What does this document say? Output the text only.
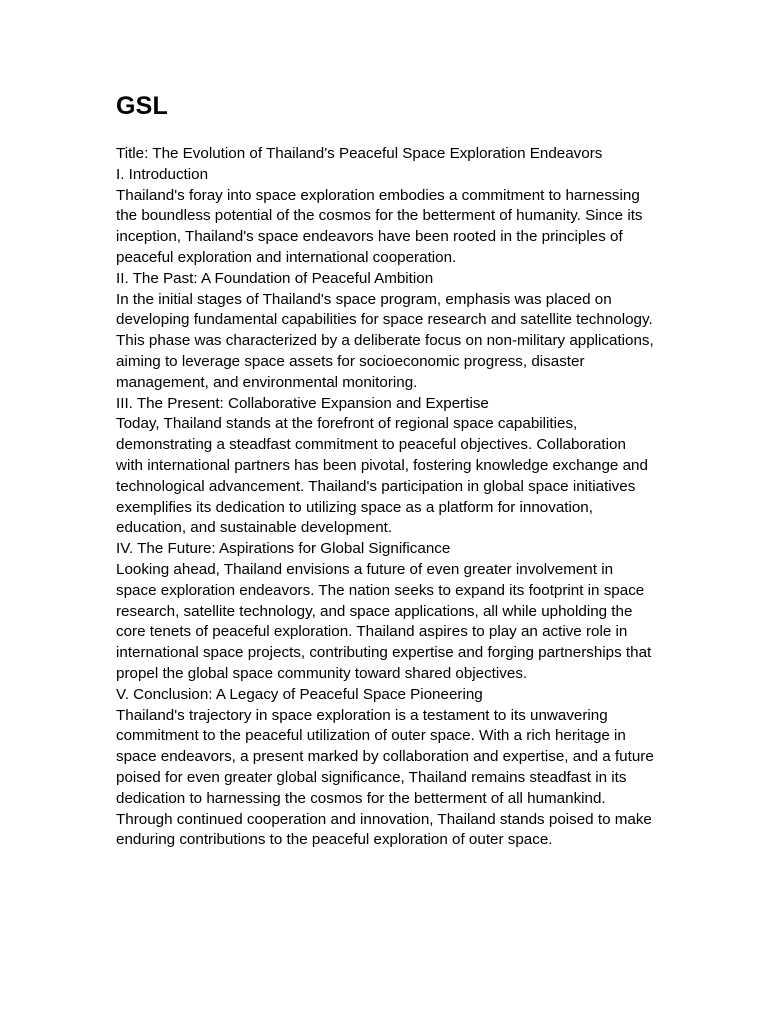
GSL
Title: The Evolution of Thailand's Peaceful Space Exploration Endeavors
I. Introduction
Thailand's foray into space exploration embodies a commitment to harnessing the boundless potential of the cosmos for the betterment of humanity. Since its inception, Thailand's space endeavors have been rooted in the principles of peaceful exploration and international cooperation.
II. The Past: A Foundation of Peaceful Ambition
In the initial stages of Thailand's space program, emphasis was placed on developing fundamental capabilities for space research and satellite technology. This phase was characterized by a deliberate focus on non-military applications, aiming to leverage space assets for socioeconomic progress, disaster management, and environmental monitoring.
III. The Present: Collaborative Expansion and Expertise
Today, Thailand stands at the forefront of regional space capabilities, demonstrating a steadfast commitment to peaceful objectives. Collaboration with international partners has been pivotal, fostering knowledge exchange and technological advancement. Thailand's participation in global space initiatives exemplifies its dedication to utilizing space as a platform for innovation, education, and sustainable development.
IV. The Future: Aspirations for Global Significance
Looking ahead, Thailand envisions a future of even greater involvement in space exploration endeavors. The nation seeks to expand its footprint in space research, satellite technology, and space applications, all while upholding the core tenets of peaceful exploration. Thailand aspires to play an active role in international space projects, contributing expertise and forging partnerships that propel the global space community toward shared objectives.
V. Conclusion: A Legacy of Peaceful Space Pioneering
Thailand's trajectory in space exploration is a testament to its unwavering commitment to the peaceful utilization of outer space. With a rich heritage in space endeavors, a present marked by collaboration and expertise, and a future poised for even greater global significance, Thailand remains steadfast in its dedication to harnessing the cosmos for the betterment of all humankind. Through continued cooperation and innovation, Thailand stands poised to make enduring contributions to the peaceful exploration of outer space.
